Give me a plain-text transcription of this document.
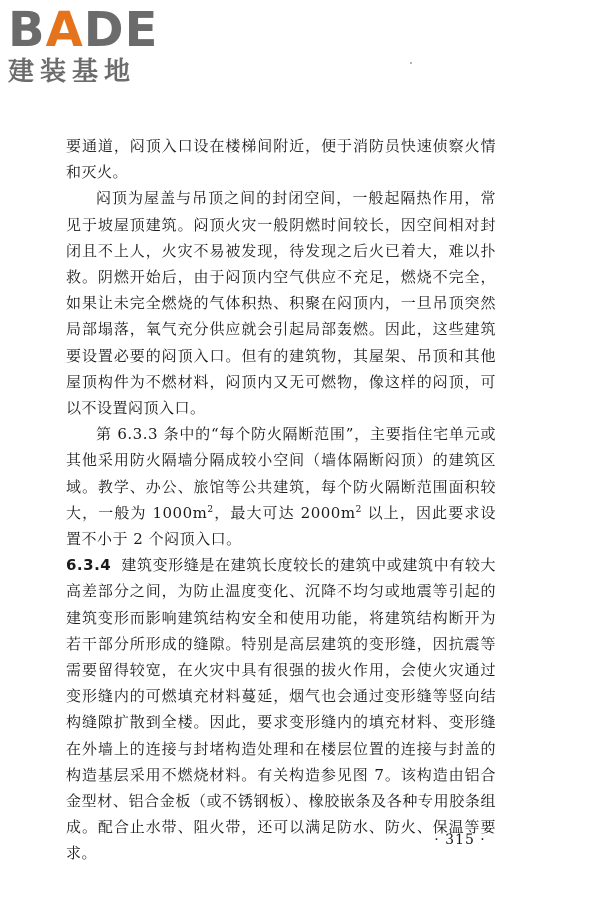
BADE
建装基地

要通道，闷顶入口设在楼梯间附近，便于消防员快速侦察火情和灭火。

闷顶为屋盖与吊顶之间的封闭空间，一般起隔热作用，常见于坡屋顶建筑。闷顶火灾一般阴燃时间较长，因空间相对封闭且不上人，火灾不易被发现，待发现之后火已着大，难以扑救。阴燃开始后，由于闷顶内空气供应不充足，燃烧不完全，如果让未完全燃烧的气体积热、积聚在闷顶内，一旦吊顶突然局部塌落，氧气充分供应就会引起局部轰燃。因此，这些建筑要设置必要的闷顶入口。但有的建筑物，其屋架、吊顶和其他屋顶构件为不燃材料，闷顶内又无可燃物，像这样的闷顶，可以不设置闷顶入口。

第 6.3.3 条中的“每个防火隔断范围”，主要指住宅单元或其他采用防火隔墙分隔成较小空间（墙体隔断闷顶）的建筑区域。教学、办公、旅馆等公共建筑，每个防火隔断范围面积较大，一般为 $1000m^2$，最大可达 $2000m^2$ 以上，因此要求设置不小于 2 个闷顶入口。

6.3.4 建筑变形缝是在建筑长度较长的建筑中或建筑中有较大高差部分之间，为防止温度变化、沉降不均匀或地震等引起的建筑变形而影响建筑结构安全和使用功能，将建筑结构断开为若干部分所形成的缝隙。特别是高层建筑的变形缝，因抗震等需要留得较宽，在火灾中具有很强的拔火作用，会使火灾通过变形缝内的可燃填充材料蔓延，烟气也会通过变形缝等竖向结构缝隙扩散到全楼。因此，要求变形缝内的填充材料、变形缝在外墙上的连接与封堵构造处理和在楼层位置的连接与封盖的构造基层采用不燃烧材料。有关构造参见图 7。该构造由铝合金型材、铝合金板（或不锈钢板）、橡胶嵌条及各种专用胶条组成。配合止水带、阻火带，还可以满足防水、防火、保温等要求。

· 315 ·
